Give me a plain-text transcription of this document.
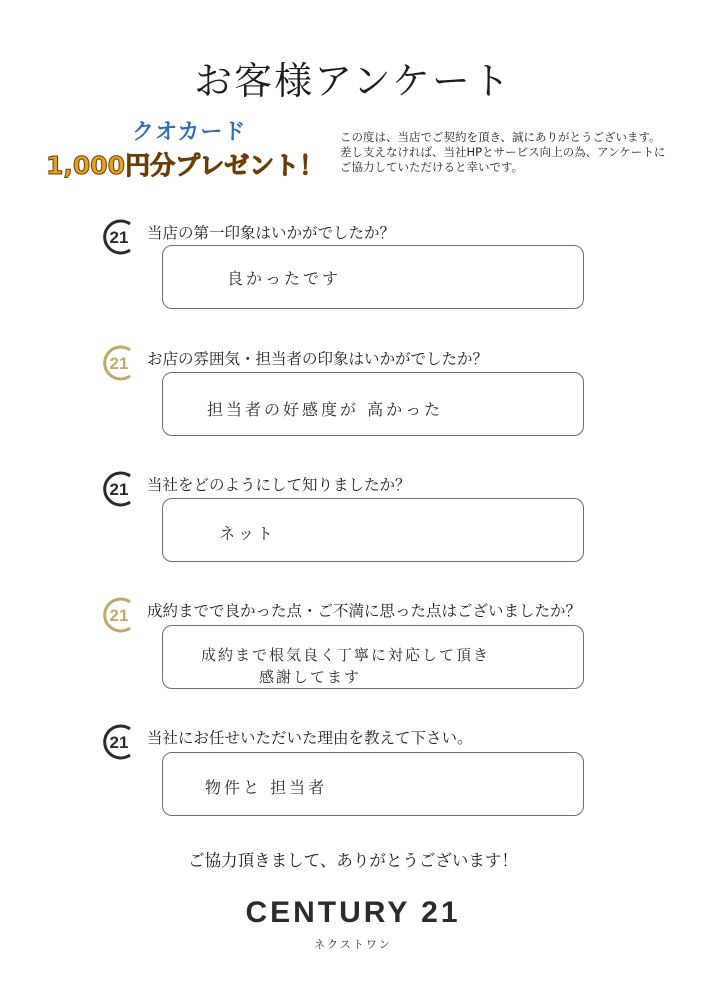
お客様アンケート
クオカード
1,000円分プレゼント！
この度は、当店でご契約を頂き、誠にありがとうございます。
差し支えなければ、当社HPとサービス向上の為、アンケートに
ご協力していただけると幸いです。
21 当店の第一印象はいかがでしたか？
良かったです
21 お店の雰囲気・担当者の印象はいかがでしたか？
担当者の好感度が 高かった
21 当社をどのようにして知りましたか？
ネット
21 成約までで良かった点・ご不満に思った点はございましたか？
成約まで根気良く丁寧に対応して頂き
感謝してます
21 当社にお任せいただいた理由を教えて下さい。
物件と 担当者
ご協力頂きまして、ありがとうございます！
CENTURY 21
ネクストワン
